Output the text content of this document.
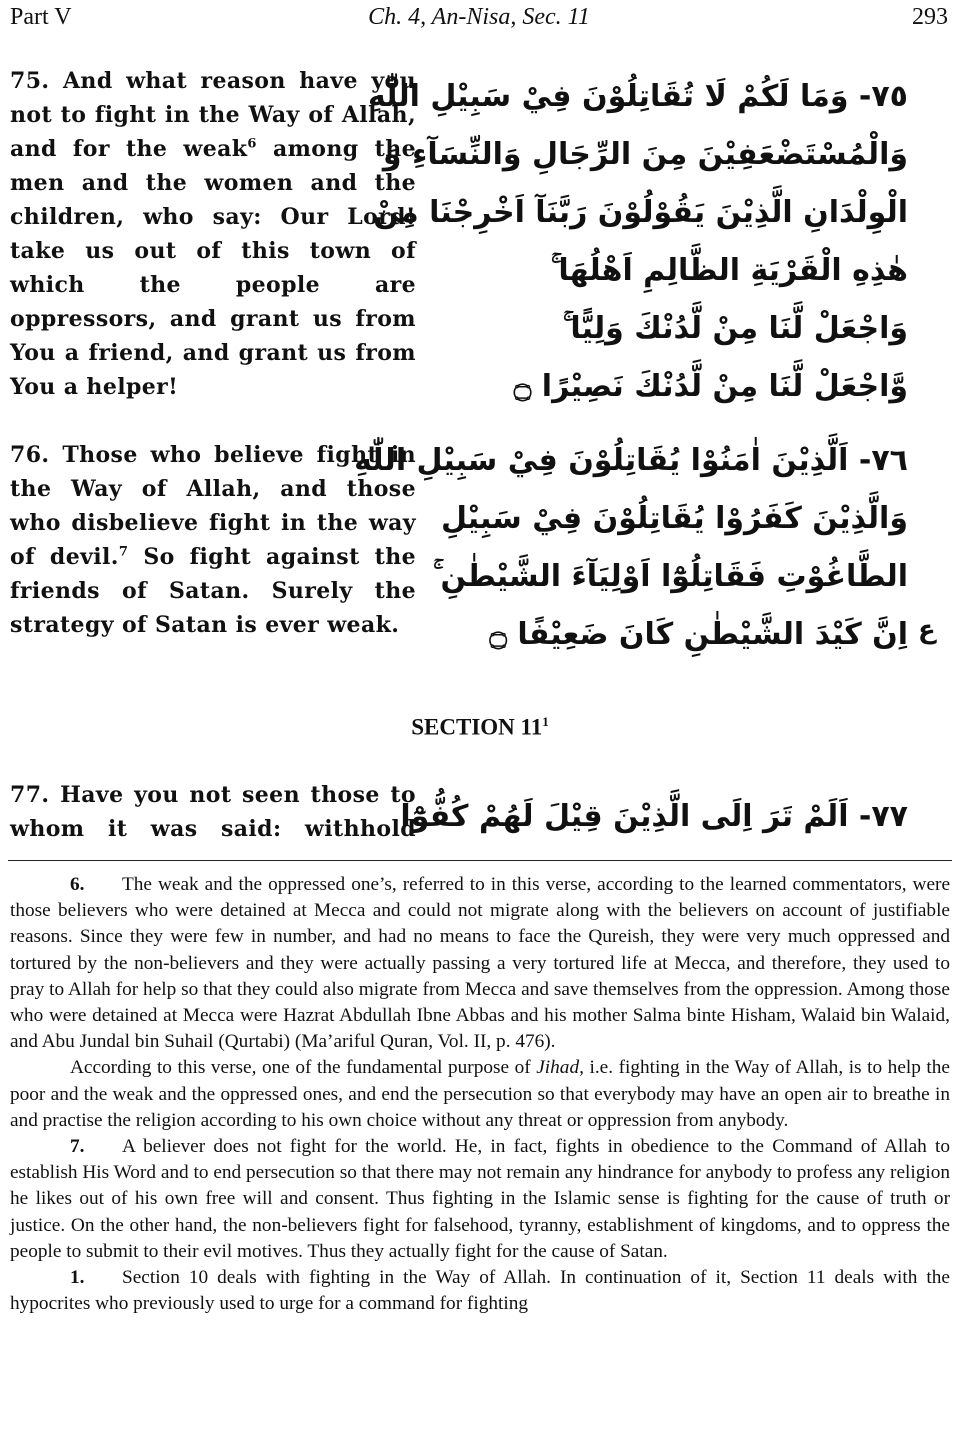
Ch. 4, An-Nisa, Sec. 11
Part V	293

75. And what reason have you not to fight in the Way of Allah, and for the weak$^6$ among the men and the women and the children, who say: Our Lord! take us out of this town of which the people are oppressors, and grant us from You a friend, and grant us from You a helper!

٧٥- وَمَا لَكُمْ لَا تُقَاتِلُوْنَ فِيْ سَبِيْلِ اللّٰهِ
وَالْمُسْتَضْعَفِيْنَ مِنَ الرِّجَالِ وَالنِّسَآءِ وَ
الْوِلْدَانِ الَّذِيْنَ يَقُوْلُوْنَ رَبَّنَآ اَخْرِجْنَا مِنْ
هٰذِهِ الْقَرْيَةِ الظَّالِمِ اَهْلُهَا ۚ
وَاجْعَلْ لَّنَا مِنْ لَّدُنْكَ وَلِيًّا ۚ
وَّاجْعَلْ لَّنَا مِنْ لَّدُنْكَ نَصِيْرًا ۝

76. Those who believe fight in the Way of Allah, and those who disbelieve fight in the way of devil.$^7$ So fight against the friends of Satan. Surely the strategy of Satan is ever weak.

٧٦- اَلَّذِيْنَ اٰمَنُوْا يُقَاتِلُوْنَ فِيْ سَبِيْلِ اللّٰهِ
وَالَّذِيْنَ كَفَرُوْا يُقَاتِلُوْنَ فِيْ سَبِيْلِ
الطَّاغُوْتِ فَقَاتِلُوْٓا اَوْلِيَآءَ الشَّيْطٰنِ ۚ
اِنَّ كَيْدَ الشَّيْطٰنِ كَانَ ضَعِيْفًا ۝ ع
SECTION $11^1$

77. Have you not seen those to whom it was said: withhold

٧٧- اَلَمْ تَرَ اِلَى الَّذِيْنَ قِيْلَ لَهُمْ كُفُّوْٓا

6. The weak and the oppressed one’s, referred to in this verse, according to the learned commentators, were those believers who were detained at Mecca and could not migrate along with the believers on account of justifiable reasons. Since they were few in number, and had no means to face the Qureish, they were very much oppressed and tortured by the non-believers and they were actually passing a very tortured life at Mecca, and therefore, they used to pray to Allah for help so that they could also migrate from Mecca and save themselves from the oppression. Among those who were detained at Mecca were Hazrat Abdullah Ibne Abbas and his mother Salma binte Hisham, Walaid bin Walaid, and Abu Jundal bin Suhail (Qurtabi) (Ma’ariful Quran, Vol. II, p. 476).

According to this verse, one of the fundamental purpose of Jihad, i.e. fighting in the Way of Allah, is to help the poor and the weak and the oppressed ones, and end the persecution so that everybody may have an open air to breathe in and practise the religion according to his own choice without any threat or oppression from anybody.

7. A believer does not fight for the world. He, in fact, fights in obedience to the Command of Allah to establish His Word and to end persecution so that there may not remain any hindrance for anybody to profess any religion he likes out of his own free will and consent. Thus fighting in the Islamic sense is fighting for the cause of truth or justice. On the other hand, the non-believers fight for falsehood, tyranny, establishment of kingdoms, and to oppress the people to submit to their evil motives. Thus they actually fight for the cause of Satan.

1. Section 10 deals with fighting in the Way of Allah. In continuation of it, Section 11 deals with the hypocrites who previously used to urge for a command for fighting
